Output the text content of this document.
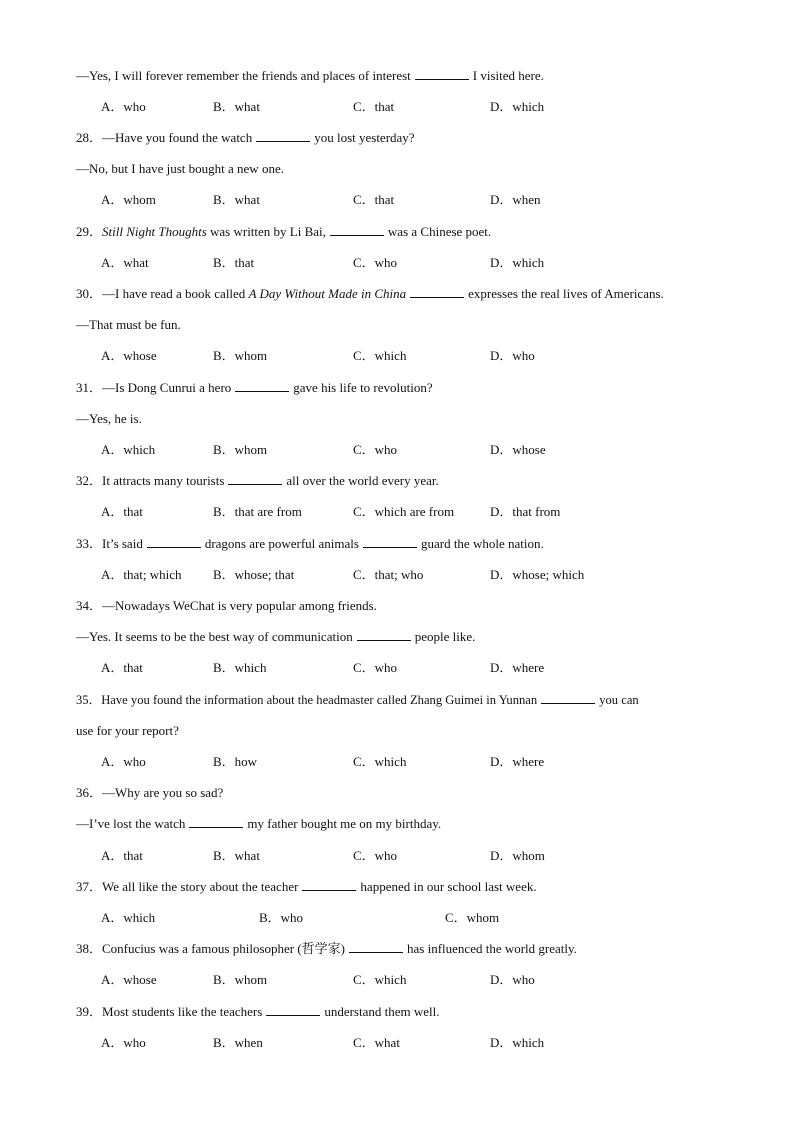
—Yes, I will forever remember the friends and places of interest	I visited here.
A．who	B．what	C．that	D．which
28．—Have you found the watch	you lost yesterday?
—No, but I have just bought a new one.
A．whom	B．what	C．that	D．when
29．Still Night Thoughts was written by Li Bai,	was a Chinese poet.
A．what	B．that	C．who	D．which
30．—I have read a book called A Day Without Made in China	expresses the real lives of Americans.
—That must be fun.
A．whose	B．whom	C．which	D．who
31．—Is Dong Cunrui a hero	gave his life to revolution?
—Yes, he is.
A．which	B．whom	C．who	D．whose
32．It attracts many tourists	all over the world every year.
A．that	B．that are from	C．which are from	D．that from
33．It’s said	dragons are powerful animals	guard the whole nation.
A．that; which B．whose; that	C．that; who	D．whose; which
34．—Nowadays WeChat is very popular among friends.
—Yes. It seems to be the best way of communication	people like.
A．that	B．which	C．who	D．where
35．Have you found the information about the headmaster called Zhang Guimei in Yunnan	you can
use for your report?
A．who	B．how	C．which	D．where
36．—Why are you so sad?
—I’ve lost the watch	my father bought me on my birthday.
A．that	B．what	C．who	D．whom
37．We all like the story about the teacher	happened in our school last week.
A．which	B．who	C．whom
38．Confucius was a famous philosopher (哲学家)	has influenced the world greatly.
A．whose	B．whom	C．which	D．who
39．Most students like the teachers	understand them well.
A．who	B．when	C．what	D．which
